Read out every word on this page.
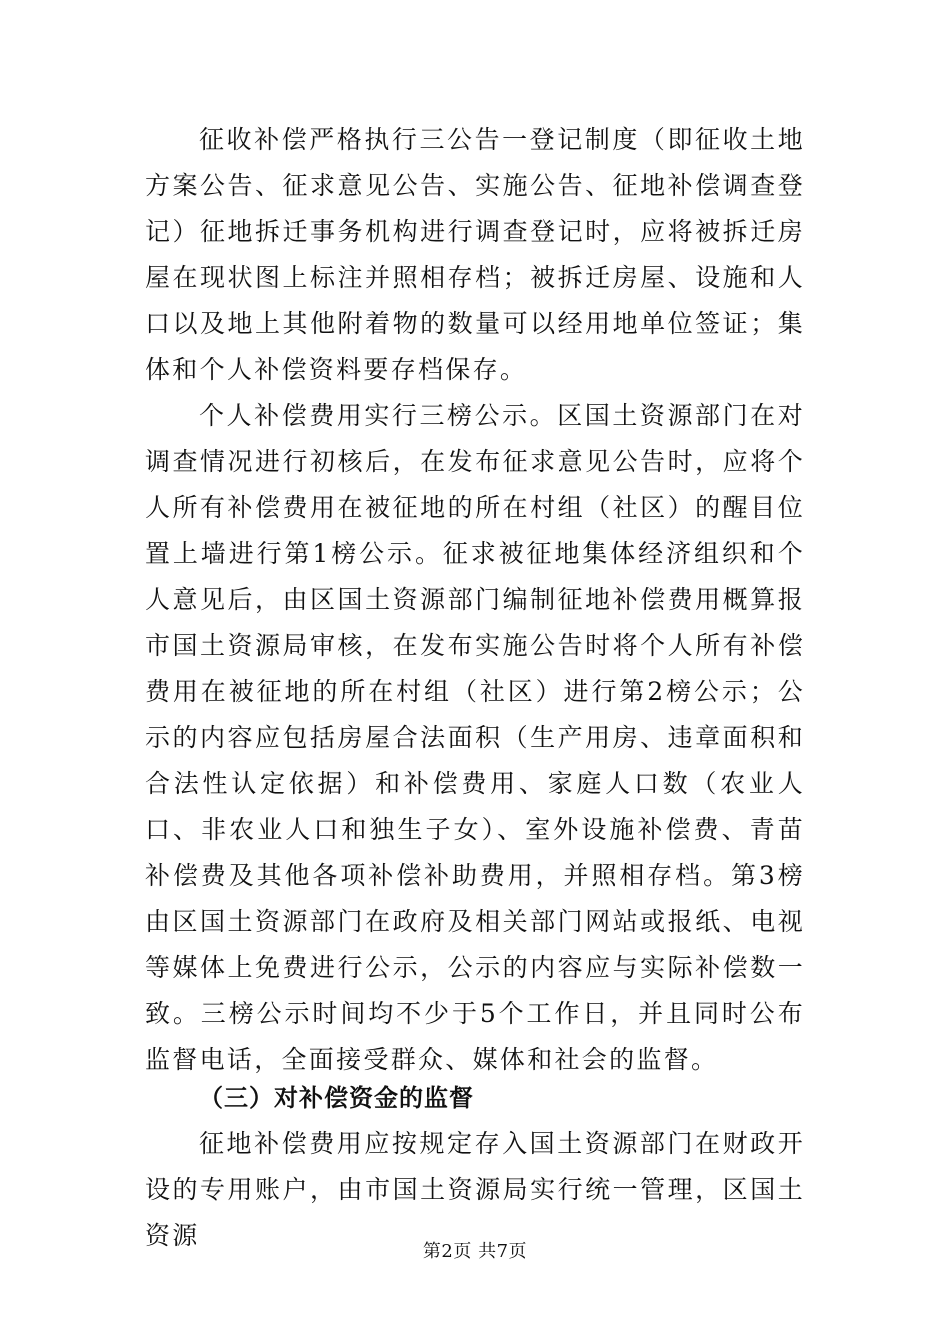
征收补偿严格执行三公告一登记制度（即征收土地方案公告、征求意见公告、实施公告、征地补偿调查登记）征地拆迁事务机构进行调查登记时，应将被拆迁房屋在现状图上标注并照相存档；被拆迁房屋、设施和人口以及地上其他附着物的数量可以经用地单位签证；集体和个人补偿资料要存档保存。

个人补偿费用实行三榜公示。区国土资源部门在对调查情况进行初核后，在发布征求意见公告时，应将个人所有补偿费用在被征地的所在村组（社区）的醒目位置上墙进行第1榜公示。征求被征地集体经济组织和个人意见后，由区国土资源部门编制征地补偿费用概算报市国土资源局审核，在发布实施公告时将个人所有补偿费用在被征地的所在村组（社区）进行第2榜公示；公示的内容应包括房屋合法面积（生产用房、违章面积和合法性认定依据）和补偿费用、家庭人口数（农业人口、非农业人口和独生子女）、室外设施补偿费、青苗补偿费及其他各项补偿补助费用，并照相存档。第3榜由区国土资源部门在政府及相关部门网站或报纸、电视等媒体上免费进行公示，公示的内容应与实际补偿数一致。三榜公示时间均不少于5个工作日，并且同时公布监督电话，全面接受群众、媒体和社会的监督。

（三）对补偿资金的监督

征地补偿费用应按规定存入国土资源部门在财政开设的专用账户，由市国土资源局实行统一管理，区国土资源

第2页 共7页
